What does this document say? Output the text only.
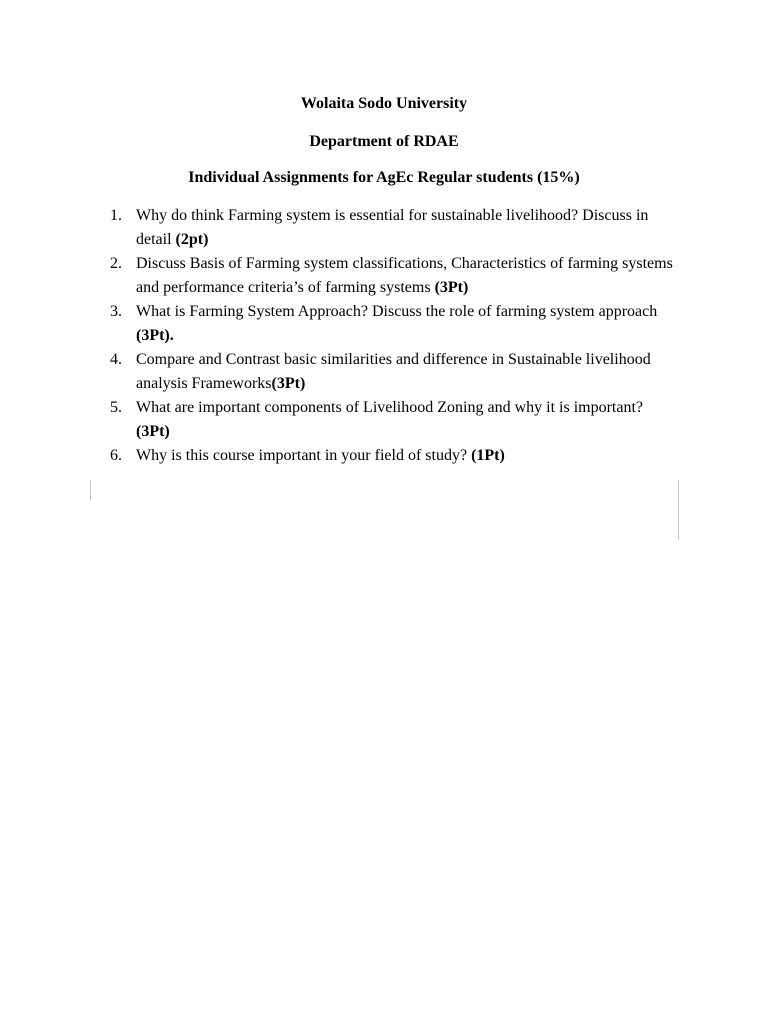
Wolaita Sodo University
Department of RDAE
Individual Assignments for AgEc Regular students (15%)
1. Why do think Farming system is essential for sustainable livelihood? Discuss in detail (2pt)
2. Discuss Basis of Farming system classifications, Characteristics of farming systems and performance criteria’s of farming systems (3Pt)
3. What is Farming System Approach? Discuss the role of farming system approach (3Pt).
4. Compare and Contrast basic similarities and difference in Sustainable livelihood analysis Frameworks(3Pt)
5. What are important components of Livelihood Zoning and why it is important? (3Pt)
6. Why is this course important in your field of study? (1Pt)
